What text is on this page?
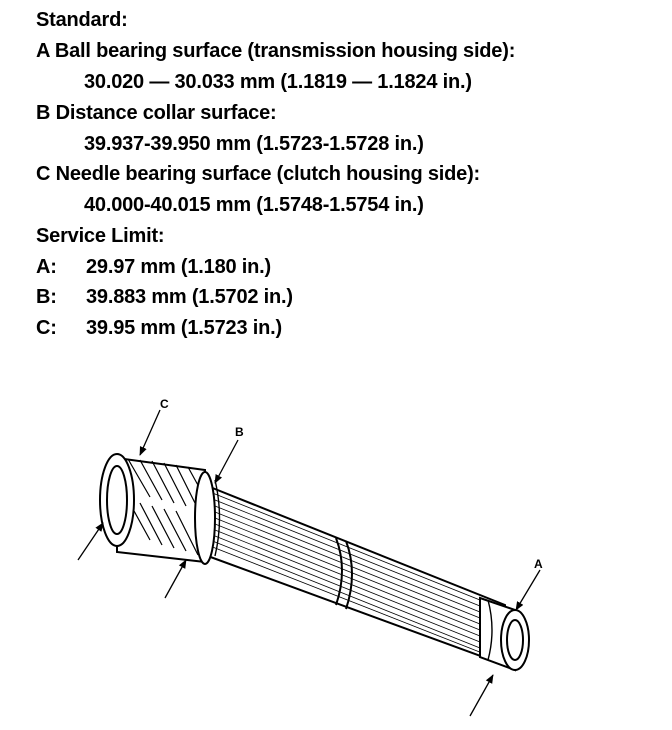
Standard:
A Ball bearing surface (transmission housing side):
30.020 — 30.033 mm (1.1819 — 1.1824 in.)
B Distance collar surface:
39.937-39.950 mm (1.5723-1.5728 in.)
C Needle bearing surface (clutch housing side):
40.000-40.015 mm (1.5748-1.5754 in.)
Service Limit:
A: 29.97 mm (1.180 in.)
B: 39.883 mm (1.5702 in.)
C: 39.95 mm (1.5723 in.)
C
B
A
